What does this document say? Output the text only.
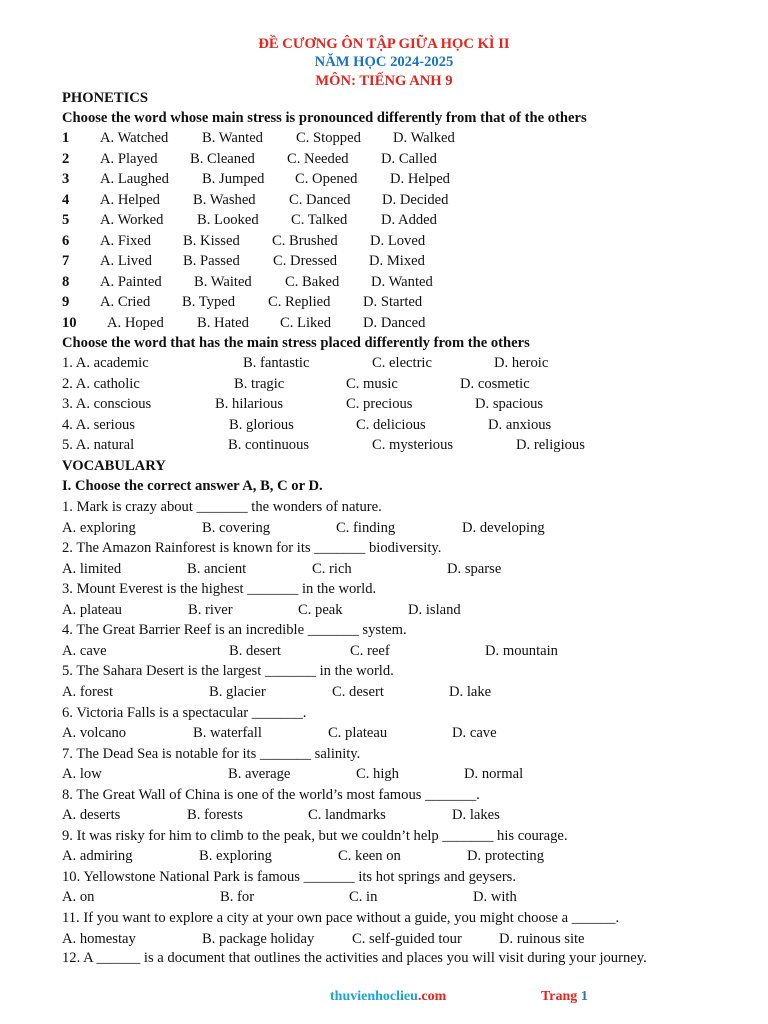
ĐỀ CƯƠNG ÔN TẬP GIỮA HỌC KÌ II
NĂM HỌC 2024-2025
MÔN: TIẾNG ANH 9
PHONETICS
Choose the word whose main stress is pronounced differently from that of the others
1 A. Watched B. Wanted C. Stopped D. Walked
2 A. Played B. Cleaned C. Needed D. Called
3 A. Laughed B. Jumped C. Opened D. Helped
4 A. Helped B. Washed C. Danced D. Decided
5 A. Worked B. Looked C. Talked D. Added
6 A. Fixed B. Kissed C. Brushed D. Loved
7 A. Lived B. Passed C. Dressed D. Mixed
8 A. Painted B. Waited C. Baked D. Wanted
9 A. Cried B. Typed C. Replied D. Started
10 A. Hoped B. Hated C. Liked D. Danced
Choose the word that has the main stress placed differently from the others
1. A. academic	B. fantastic	C. electric	D. heroic
2. A. catholic	B. tragic	C. music	D. cosmetic
3. A. conscious	B. hilarious	C. precious	D. spacious
4. A. serious	B. glorious	C. delicious	D. anxious
5. A. natural	B. continuous	C. mysterious	D. religious
VOCABULARY
I. Choose the correct answer A, B, C or D.
1. Mark is crazy about _______ the wonders of nature.
A. exploring	B. covering	C. finding	D. developing
2. The Amazon Rainforest is known for its _______ biodiversity.
A. limited	B. ancient	C. rich	D. sparse
3. Mount Everest is the highest _______ in the world.
A. plateau	B. river	C. peak	D. island
4. The Great Barrier Reef is an incredible _______ system.
A. cave	B. desert	C. reef	D. mountain
5. The Sahara Desert is the largest _______ in the world.
A. forest	B. glacier	C. desert	D. lake
6. Victoria Falls is a spectacular _______.
A. volcano	B. waterfall	C. plateau	D. cave
7. The Dead Sea is notable for its _______ salinity.
A. low	B. average	C. high	D. normal
8. The Great Wall of China is one of the world’s most famous _______.
A. deserts	B. forests	C. landmarks	D. lakes
9. It was risky for him to climb to the peak, but we couldn’t help _______ his courage.
A. admiring	B. exploring	C. keen on	D. protecting
10. Yellowstone National Park is famous _______ its hot springs and geysers.
A. on	B. for	C. in	D. with
11. If you want to explore a city at your own pace without a guide, you might choose a ______.
A. homestay	B. package holiday	C. self-guided tour	D. ruinous site
12. A ______ is a document that outlines the activities and places you will visit during your journey.
thuvienhoclieu.com	Trang 1
